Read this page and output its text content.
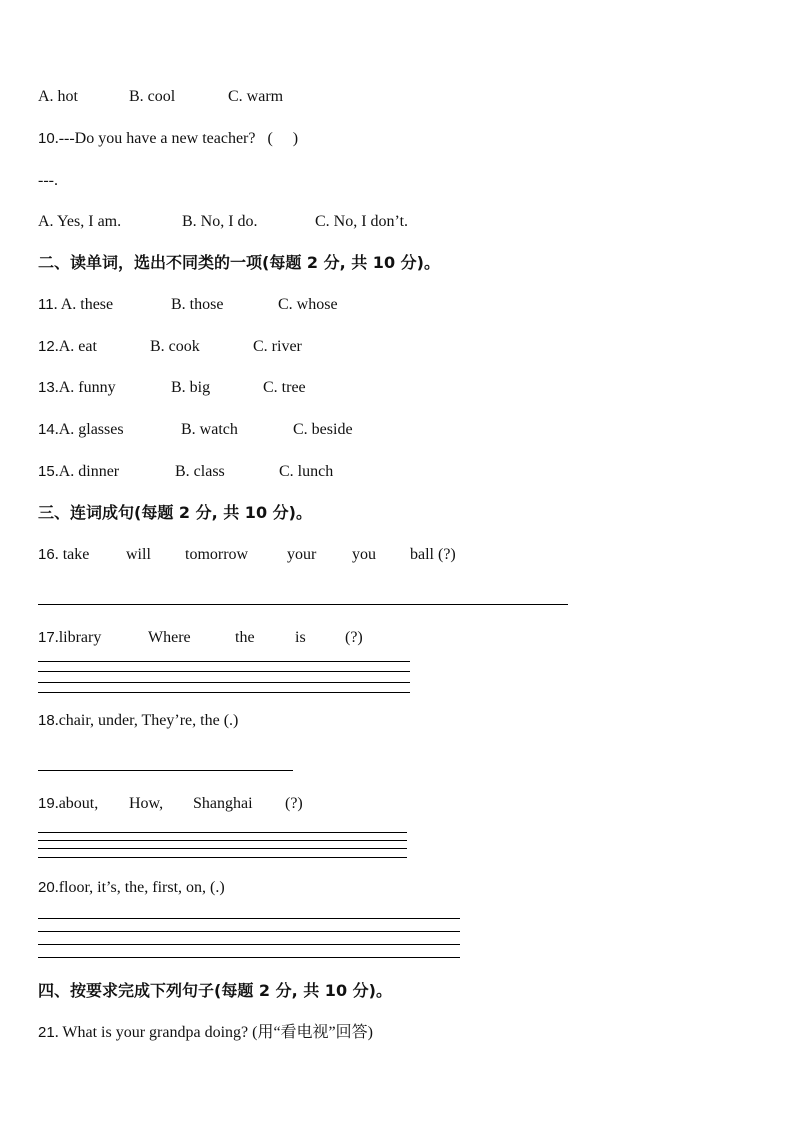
A. hot

	B. cool

	C. warm

10.---Do you have a new teacher?   (     )
---.

A. Yes, I am.

	B. No, I do.

	C. No, I don’t.

二、读单词，选出不同类的一项(每题 2 分, 共 10 分)。

11. A. these

	B. those

	C. whose

12.A. eat

	B. cook

	C. river

13.A. funny

	B. big

	C. tree

14.A. glasses

	B. watch

	C. beside

15.A. dinner

	B. class

	C. lunch

三、连词成句(每题 2 分, 共 10 分)。

16. take

will

tomorrow

your

you

ball (?)

17.library

	Where

	the

	is

(?)

18.chair, under, They’re, the (.)

19.about,

How,

Shanghai

(?)

20.floor, it’s, the, first, on, (.)
四、按要求完成下列句子(每题 2 分, 共 10 分)。
21. What is your grandpa doing? (用“看电视”回答)
